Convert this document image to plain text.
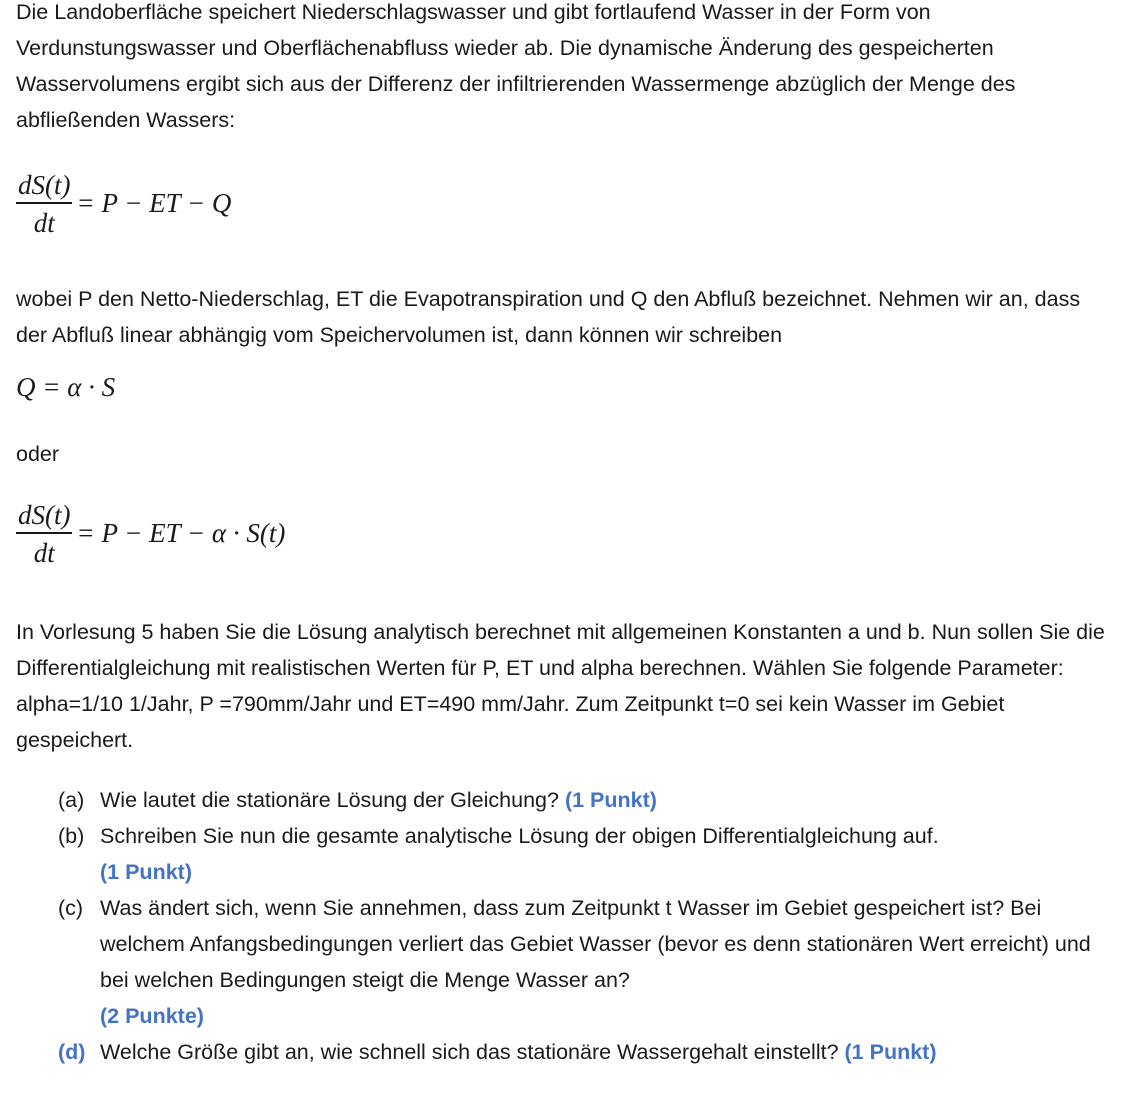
Die Landoberfläche speichert Niederschlagswasser und gibt fortlaufend Wasser in der Form von Verdunstungswasser und Oberflächenabfluss wieder ab. Die dynamische Änderung des gespeicherten Wasservolumens ergibt sich aus der Differenz der infiltrierenden Wassermenge abzüglich der Menge des abfließenden Wassers:

$\frac{dS(t)}{dt} = P$ − ET − Q

wobei P den Netto-Niederschlag, ET die Evapotranspiration und Q den Abfluß bezeichnet. Nehmen wir an, dass der Abfluß linear abhängig vom Speichervolumen ist, dann können wir schreiben

Q = α · S

oder

$\frac{dS(t)}{dt} = P$ − ET − α · S(t)

In Vorlesung 5 haben Sie die Lösung analytisch berechnet mit allgemeinen Konstanten a und b. Nun sollen Sie die Differentialgleichung mit realistischen Werten für P, ET und alpha berechnen. Wählen Sie folgende Parameter: alpha=1/10 1/Jahr, P =790mm/Jahr und ET=490 mm/Jahr. Zum Zeitpunkt t=0 sei kein Wasser im Gebiet gespeichert.

(a) Wie lautet die stationäre Lösung der Gleichung? (1 Punkt)
(b) Schreiben Sie nun die gesamte analytische Lösung der obigen Differentialgleichung auf.
(1 Punkt)
(c) Was ändert sich, wenn Sie annehmen, dass zum Zeitpunkt t Wasser im Gebiet gespeichert ist? Bei welchem Anfangsbedingungen verliert das Gebiet Wasser (bevor es denn stationären Wert erreicht) und bei welchen Bedingungen steigt die Menge Wasser an?
(2 Punkte)
(d) Welche Größe gibt an, wie schnell sich das stationäre Wassergehalt einstellt? (1 Punkt)
